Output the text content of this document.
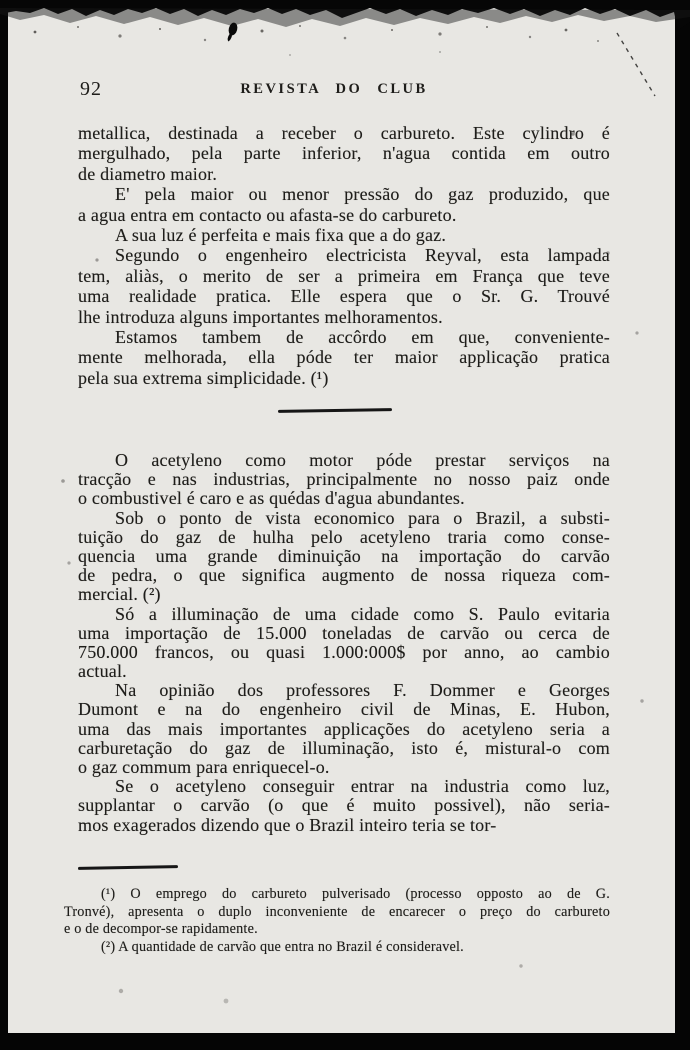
92	REVISTA DO CLUB
metallica, destinada a receber o carbureto. Este cylindro é
mergulhado, pela parte inferior, n'agua contida em outro
de diametro maior.
E' pela maior ou menor pressão do gaz produzido, que
a agua entra em contacto ou afasta-se do carbureto.
A sua luz é perfeita e mais fixa que a do gaz.
Segundo o engenheiro electricista Reyval, esta lampada
tem, aliàs, o merito de ser a primeira em França que teve
uma realidade pratica. Elle espera que o Sr. G. Trouvé
lhe introduza alguns importantes melhoramentos.
Estamos tambem de accôrdo em que, conveniente-
mente melhorada, ella póde ter maior applicação pratica
pela sua extrema simplicidade. (¹)
O acetyleno como motor póde prestar serviços na
tracção e nas industrias, principalmente no nosso paiz onde
o combustivel é caro e as quédas d'agua abundantes.
Sob o ponto de vista economico para o Brazil, a substi-
tuição do gaz de hulha pelo acetyleno traria como conse-
quencia uma grande diminuição na importação do carvão
de pedra, o que significa augmento de nossa riqueza com-
mercial. (²)
Só a illuminação de uma cidade como S. Paulo evitaria
uma importação de 15.000 toneladas de carvão ou cerca de
750.000 francos, ou quasi 1.000:000$ por anno, ao cambio
actual.
Na opinião dos professores F. Dommer e Georges
Dumont e na do engenheiro civil de Minas, E. Hubon,
uma das mais importantes applicações do acetyleno seria a
carburetação do gaz de illuminação, isto é, mistural-o com
o gaz commum para enriquecel-o.
Se o acetyleno conseguir entrar na industria como luz,
supplantar o carvão (o que é muito possivel), não seria-
mos exagerados dizendo que o Brazil inteiro teria se tor-
(¹) O emprego do carbureto pulverisado (processo opposto ao de G.
Tronvé), apresenta o duplo inconveniente de encarecer o preço do carbureto
e o de decompor-se rapidamente.
(²) A quantidade de carvão que entra no Brazil é consideravel.
